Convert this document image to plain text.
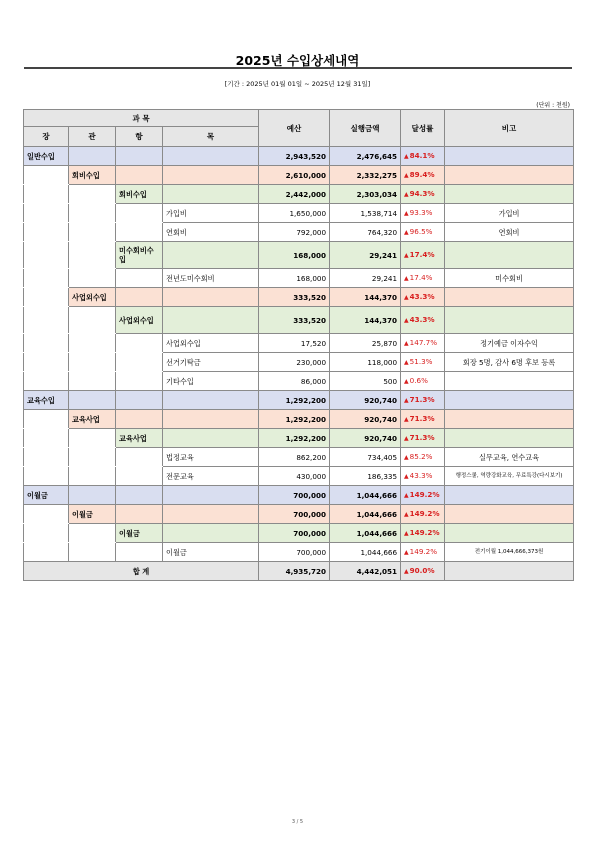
2025년 수입상세내역
[기간 : 2025년 01월 01일 ~ 2025년 12월 31일]
(단위 : 천원)
과 목				예산	실행금액	달성률	비고
장	관	항	목				
일반수입				2,943,520	2,476,645	▲84.1%	
	회비수입			2,610,000	2,332,275	▲89.4%	
		회비수입		2,442,000	2,303,034	▲94.3%	
			가입비	1,650,000	1,538,714	▲93.3%	가입비
			연회비	792,000	764,320	▲96.5%	연회비
		미수회비수입		168,000	29,241	▲17.4%	
			전년도미수회비	168,000	29,241	▲17.4%	미수회비
	사업외수입			333,520	144,370	▲43.3%	
		사업외수입		333,520	144,370	▲43.3%	
			사업외수입	17,520	25,870	▲147.7%	정기예금 이자수익
			선거기탁금	230,000	118,000	▲51.3%	회장 5명, 감사 6명 후보 등록
			기타수입	86,000	500	▲0.6%	
교육수입				1,292,200	920,740	▲71.3%	
	교육사업			1,292,200	920,740	▲71.3%	
		교육사업		1,292,200	920,740	▲71.3%	
			법정교육	862,200	734,405	▲85.2%	실무교육, 연수교육
			전문교육	430,000	186,335	▲43.3%	행정스쿨, 역량강화교육, 무료특강(다시보기)
이월금				700,000	1,044,666	▲149.2%	
	이월금			700,000	1,044,666	▲149.2%	
		이월금		700,000	1,044,666	▲149.2%	
			이월금	700,000	1,044,666	▲149.2%	전기이월 1,044,666,373원
합 계				4,935,720	4,442,051	▲90.0%	
3 / 5
